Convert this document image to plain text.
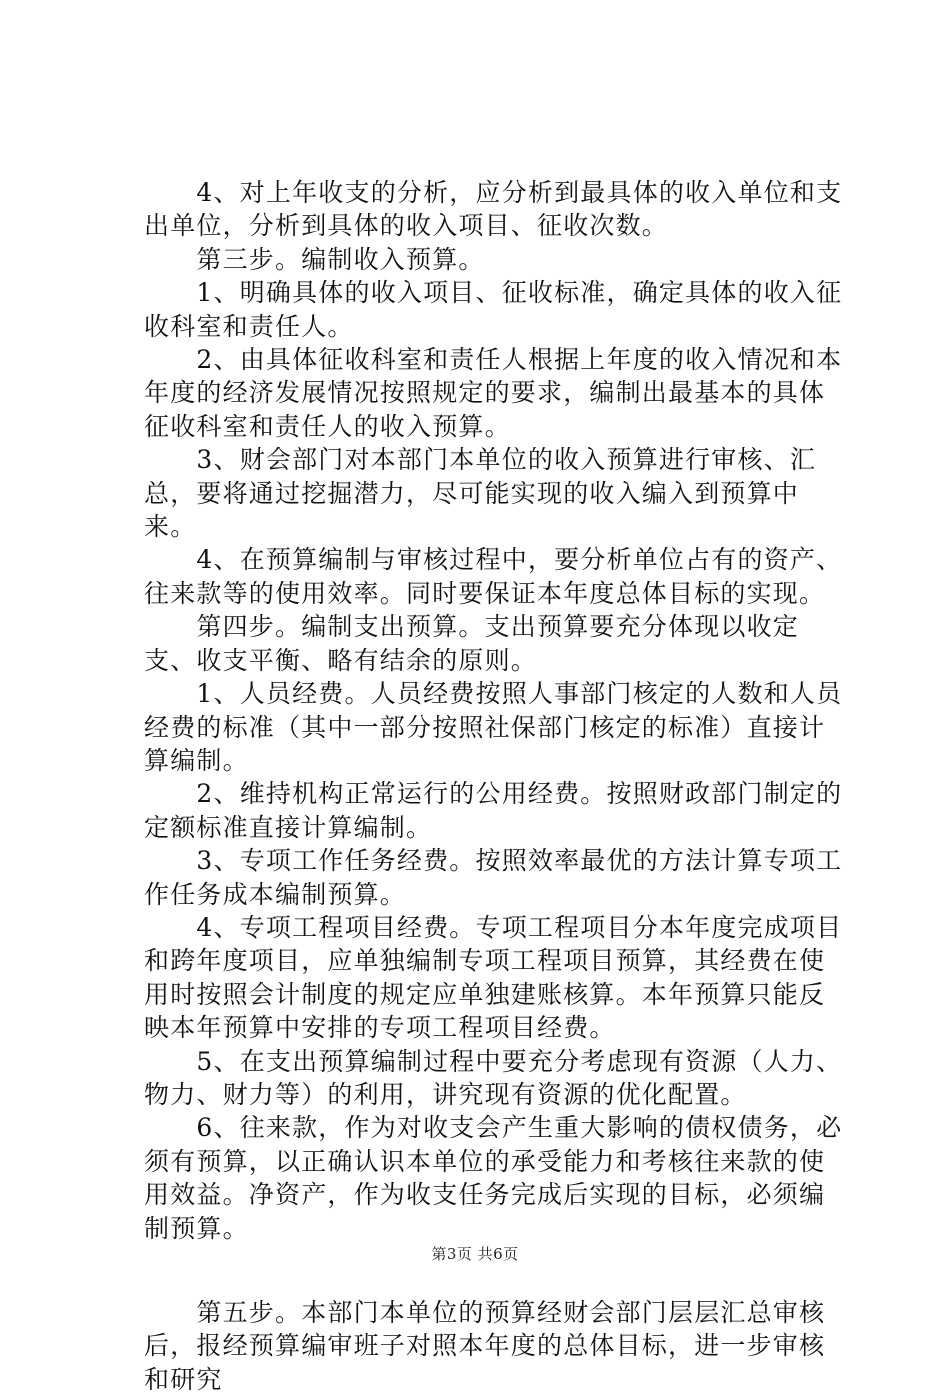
　　4、对上年收支的分析，应分析到最具体的收入单位和支出单位，分析到具体的收入项目、征收次数。

　　第三步。编制收入预算。

　　1、明确具体的收入项目、征收标准，确定具体的收入征收科室和责任人。

　　2、由具体征收科室和责任人根据上年度的收入情况和本年度的经济发展情况按照规定的要求，编制出最基本的具体征收科室和责任人的收入预算。

　　3、财会部门对本部门本单位的收入预算进行审核、汇总，要将通过挖掘潜力，尽可能实现的收入编入到预算中来。

　　4、在预算编制与审核过程中，要分析单位占有的资产、往来款等的使用效率。同时要保证本年度总体目标的实现。

　　第四步。编制支出预算。支出预算要充分体现以收定支、收支平衡、略有结余的原则。

　　1、人员经费。人员经费按照人事部门核定的人数和人员经费的标准（其中一部分按照社保部门核定的标准）直接计算编制。

　　2、维持机构正常运行的公用经费。按照财政部门制定的定额标准直接计算编制。

　　3、专项工作任务经费。按照效率最优的方法计算专项工作任务成本编制预算。

　　4、专项工程项目经费。专项工程项目分本年度完成项目和跨年度项目，应单独编制专项工程项目预算，其经费在使用时按照会计制度的规定应单独建账核算。本年预算只能反映本年预算中安排的专项工程项目经费。

　　5、在支出预算编制过程中要充分考虑现有资源（人力、物力、财力等）的利用，讲究现有资源的优化配置。

　　6、往来款，作为对收支会产生重大影响的债权债务，必须有预算，以正确认识本单位的承受能力和考核往来款的使用效益。净资产，作为收支任务完成后实现的目标，必须编制预算。

　　第五步。本部门本单位的预算经财会部门层层汇总审核后，报经预算编审班子对照本年度的总体目标，进一步审核和研究

第3页 共6页
